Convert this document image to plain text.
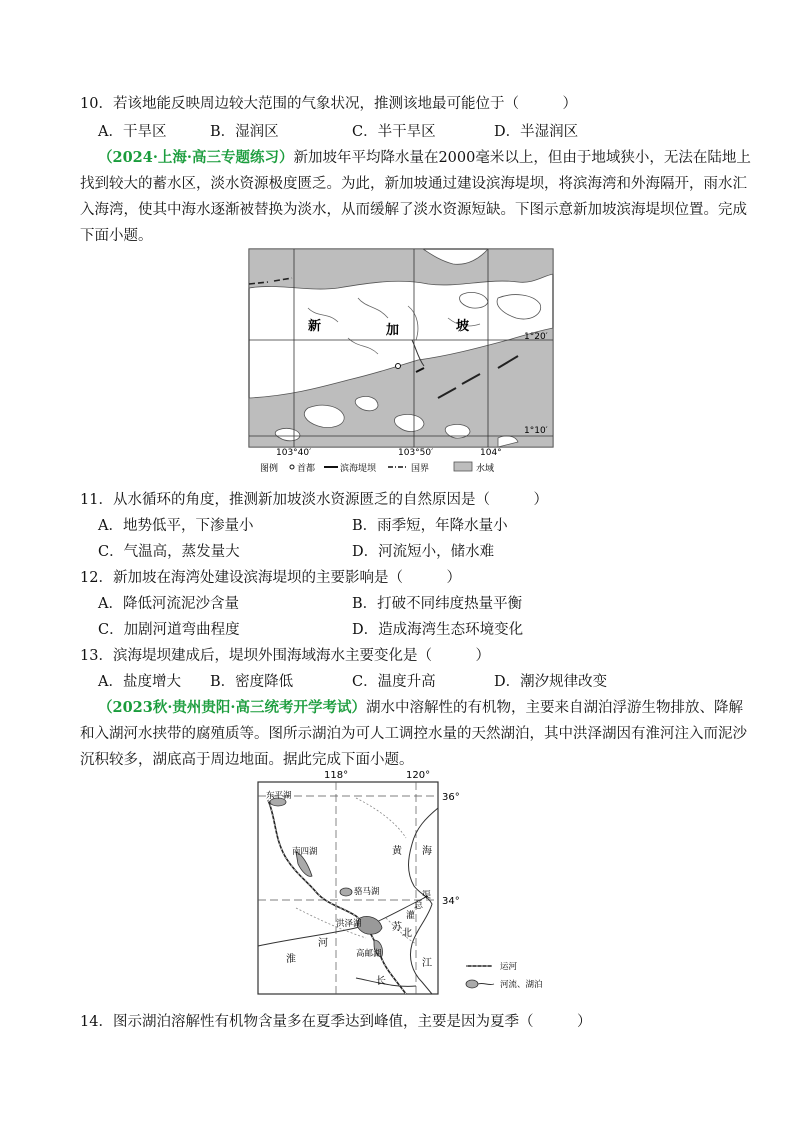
10．若该地能反映周边较大范围的气象状况，推测该地最可能位于（　　　）
A．干旱区	B．湿润区	C．半干旱区	D．半湿润区
（2024·上海·高三专题练习）新加坡年平均降水量在2000毫米以上，但由于地域狭小，无法在陆地上
找到较大的蓄水区，淡水资源极度匮乏。为此，新加坡通过建设滨海堤坝，将滨海湾和外海隔开，雨水汇
入海湾，使其中海水逐渐被替换为淡水，从而缓解了淡水资源短缺。下图示意新加坡滨海堤坝位置。完成
下面小题。
新	加	坡
1°20′
1°10′
103°40′	103°50′	104°
图例 首都	滨海堤坝	国界	水域
11．从水循环的角度，推测新加坡淡水资源匮乏的自然原因是（　　　）
A．地势低平，下渗量小	B．雨季短，年降水量小
C．气温高，蒸发量大	D．河流短小，储水难
12．新加坡在海湾处建设滨海堤坝的主要影响是（　　　）
A．降低河流泥沙含量	B．打破不同纬度热量平衡
C．加剧河道弯曲程度	D．造成海湾生态环境变化
13．滨海堤坝建成后，堤坝外围海域海水主要变化是（　　　）
A．盐度增大 B．密度降低	C．温度升高	D．潮汐规律改变
（2023秋·贵州贵阳·高三统考开学考试）湖水中溶解性的有机物，主要来自湖泊浮游生物排放、降解
和入湖河水挟带的腐殖质等。图所示湖泊为可人工调控水量的天然湖泊，其中洪泽湖因有淮河注入而泥沙
沉积较多，湖底高于周边地面。据此完成下面小题。
118°	120°
36°
34°
东平湖
南四湖
骆马湖
洪泽湖
高邮湖
黄 海
苏
北
灌
总
渠
淮
河
长
江	运河
河流、湖泊
14．图示湖泊溶解性有机物含量多在夏季达到峰值，主要是因为夏季（　　　）
